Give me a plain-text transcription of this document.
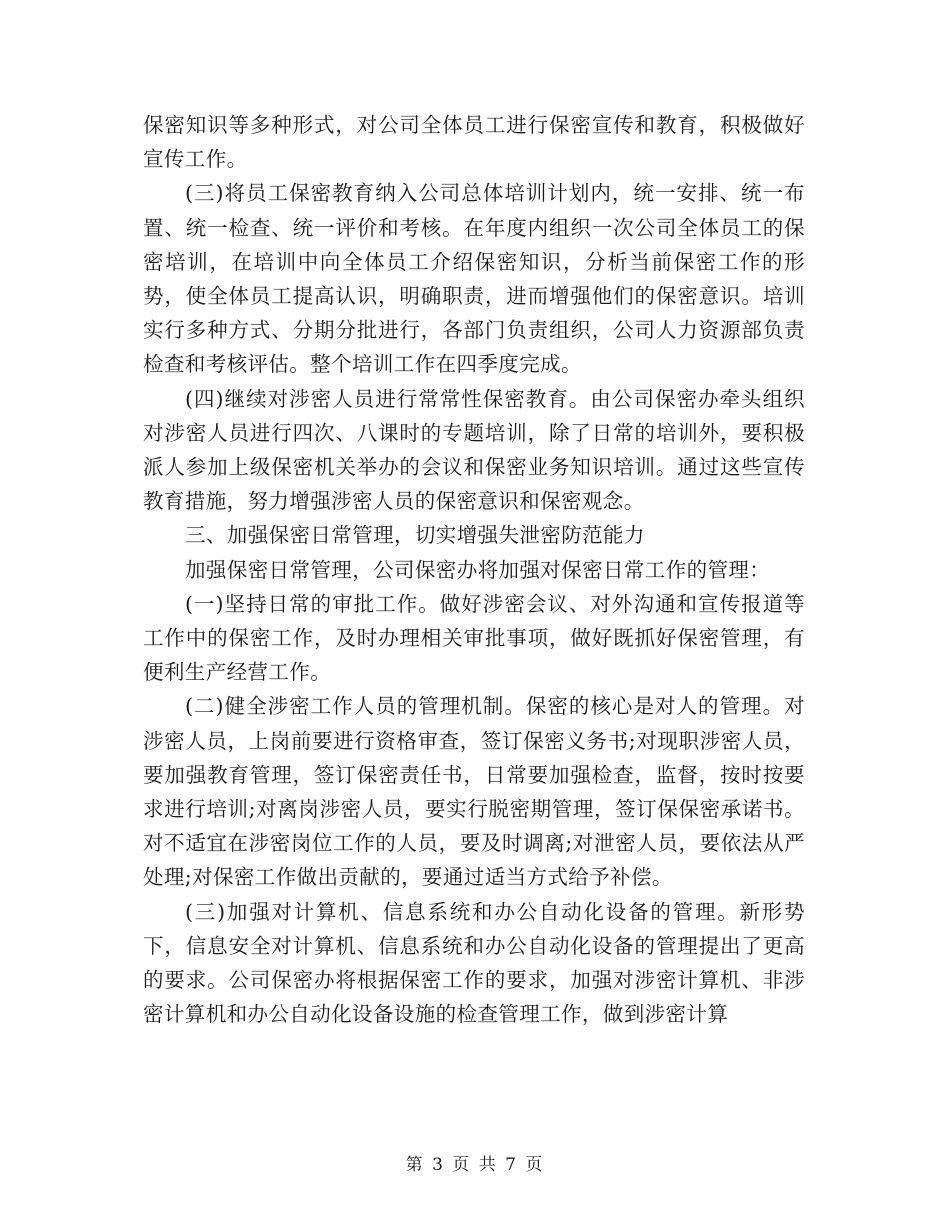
保密知识等多种形式，对公司全体员工进行保密宣传和教育，积极做好宣传工作。

(三)将员工保密教育纳入公司总体培训计划内，统一安排、统一布置、统一检查、统一评价和考核。在年度内组织一次公司全体员工的保密培训，在培训中向全体员工介绍保密知识，分析当前保密工作的形势，使全体员工提高认识，明确职责，进而增强他们的保密意识。培训实行多种方式、分期分批进行，各部门负责组织，公司人力资源部负责检查和考核评估。整个培训工作在四季度完成。

(四)继续对涉密人员进行常常性保密教育。由公司保密办牵头组织对涉密人员进行四次、八课时的专题培训，除了日常的培训外，要积极派人参加上级保密机关举办的会议和保密业务知识培训。通过这些宣传教育措施，努力增强涉密人员的保密意识和保密观念。

三、加强保密日常管理，切实增强失泄密防范能力

加强保密日常管理，公司保密办将加强对保密日常工作的管理：

(一)坚持日常的审批工作。做好涉密会议、对外沟通和宣传报道等工作中的保密工作，及时办理相关审批事项，做好既抓好保密管理，有便利生产经营工作。

(二)健全涉密工作人员的管理机制。保密的核心是对人的管理。对涉密人员，上岗前要进行资格审查，签订保密义务书;对现职涉密人员，要加强教育管理，签订保密责任书，日常要加强检查，监督，按时按要求进行培训;对离岗涉密人员，要实行脱密期管理，签订保保密承诺书。对不适宜在涉密岗位工作的人员，要及时调离;对泄密人员，要依法从严处理;对保密工作做出贡献的，要通过适当方式给予补偿。

(三)加强对计算机、信息系统和办公自动化设备的管理。新形势下，信息安全对计算机、信息系统和办公自动化设备的管理提出了更高的要求。公司保密办将根据保密工作的要求，加强对涉密计算机、非涉密计算机和办公自动化设备设施的检查管理工作，做到涉密计算

第 3 页 共 7 页
